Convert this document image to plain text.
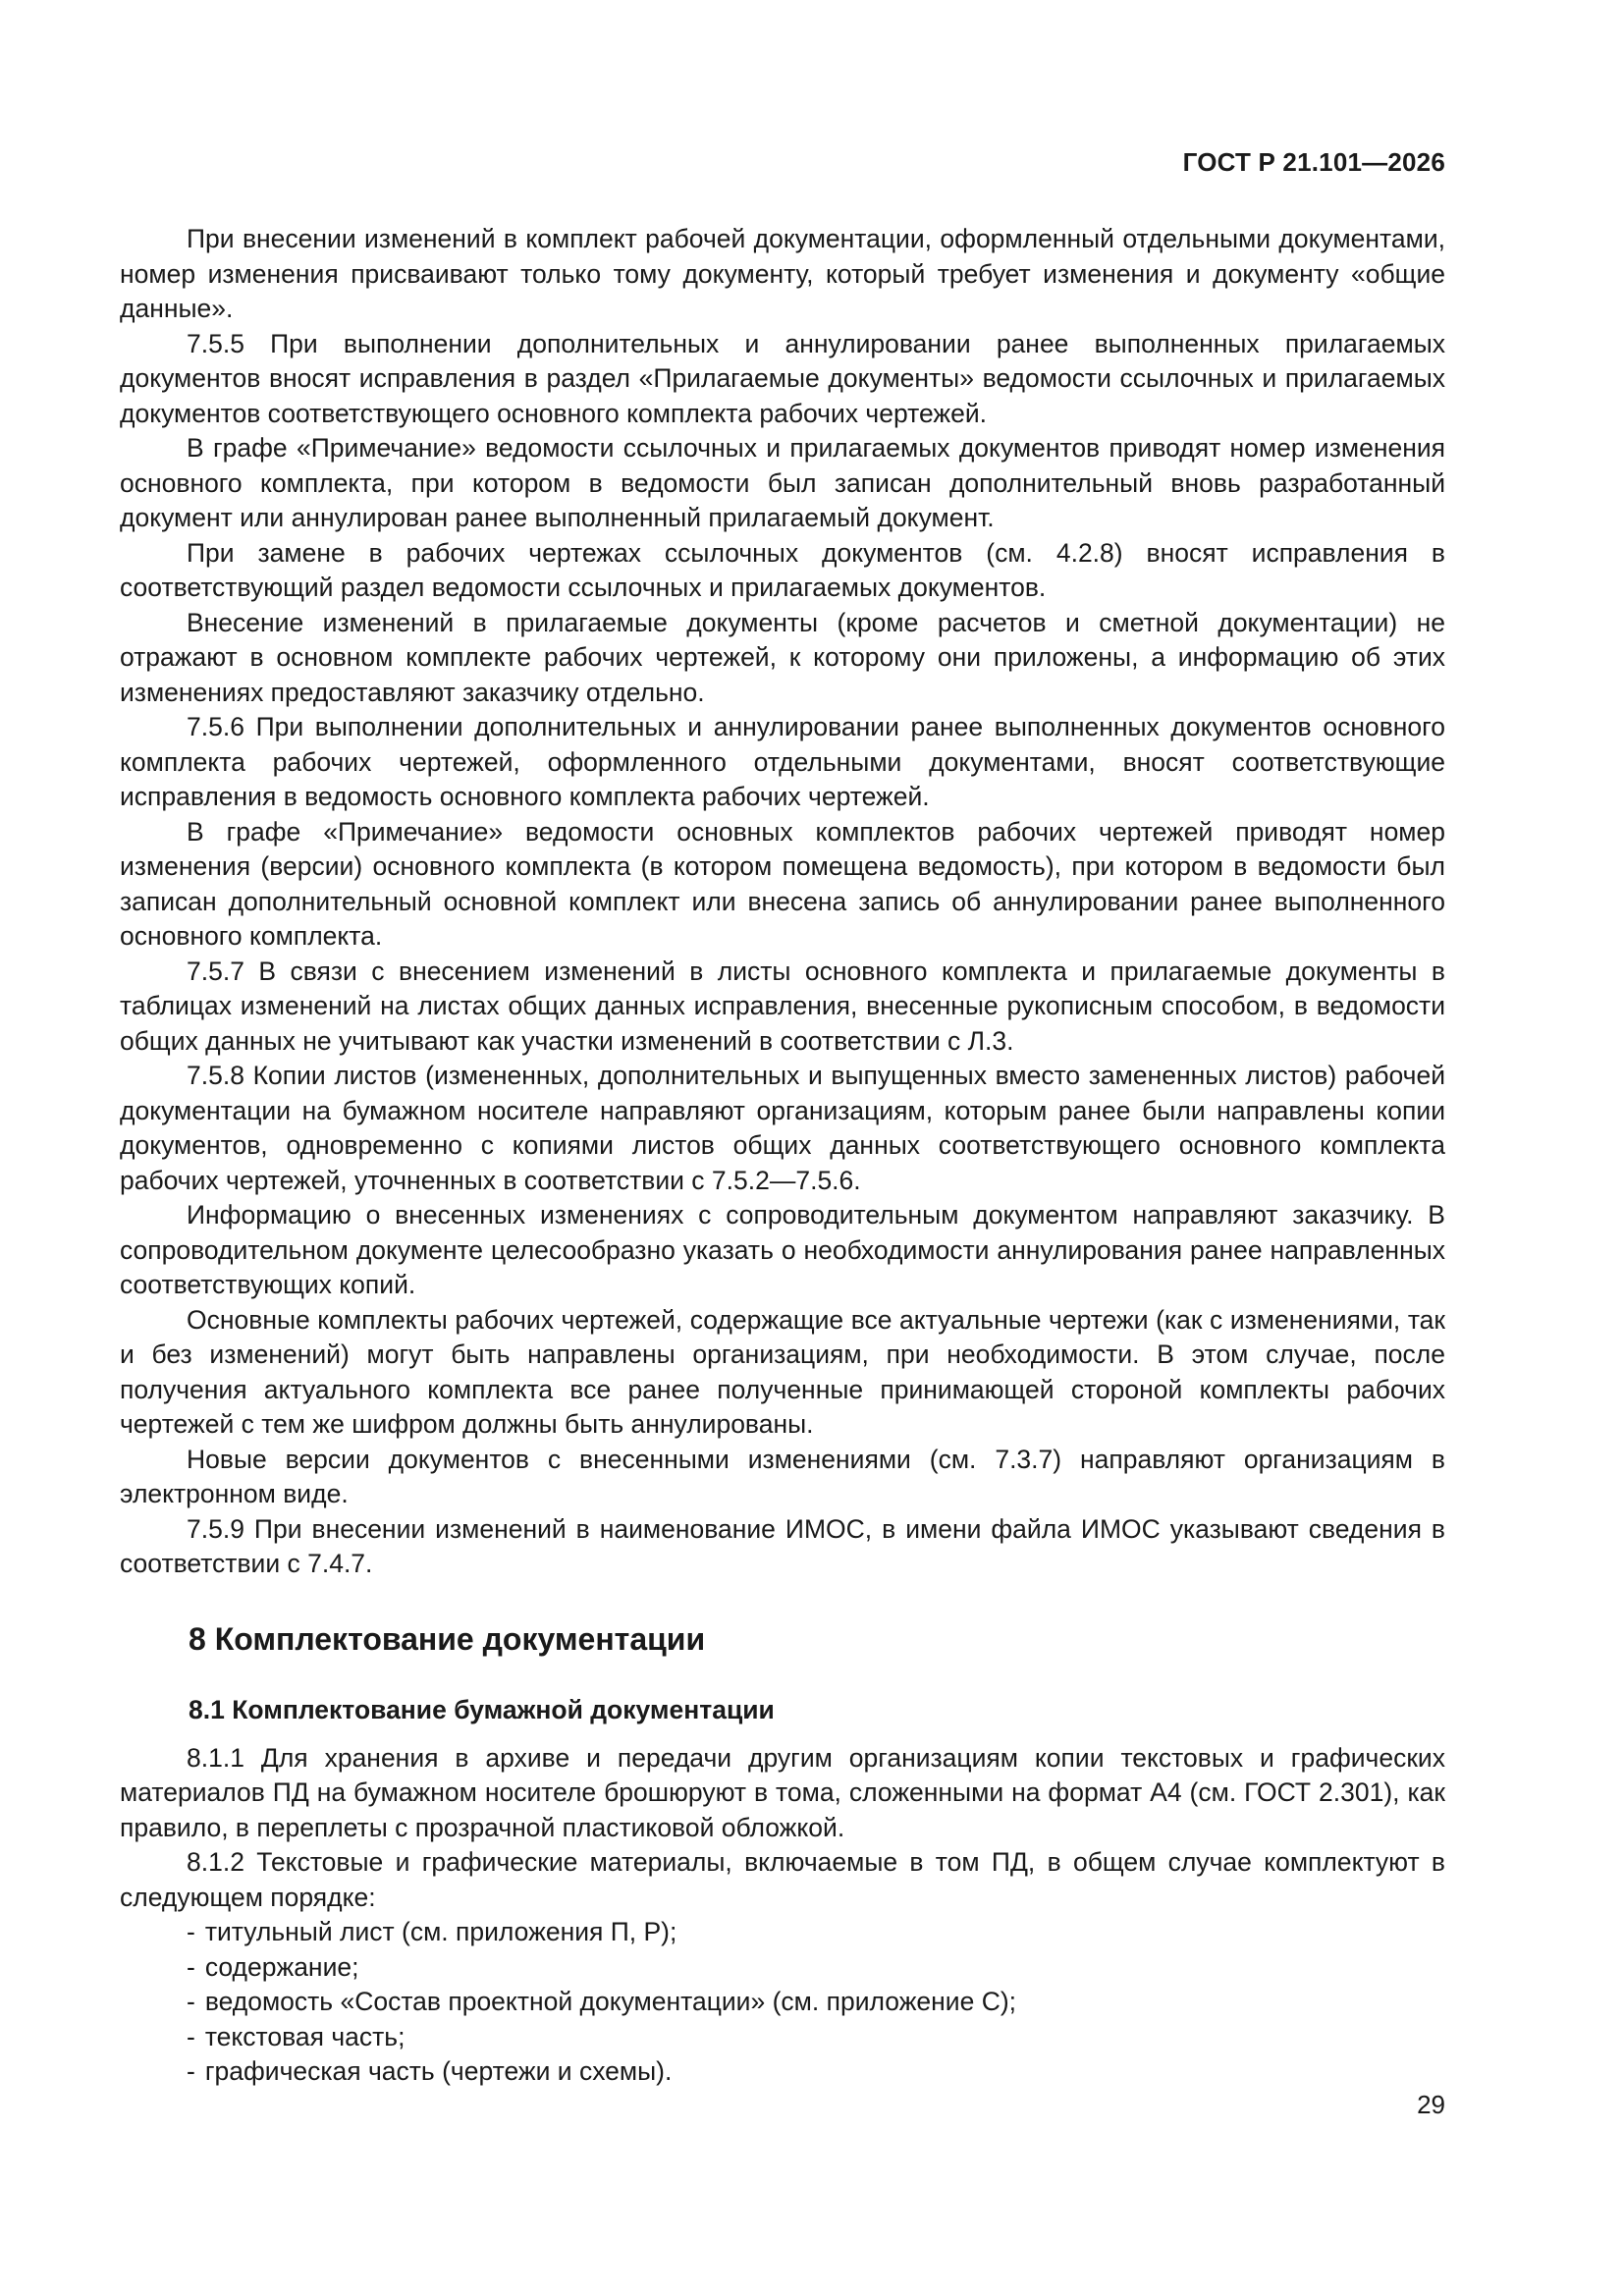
ГОСТ Р 21.101—2026

При внесении изменений в комплект рабочей документации, оформленный отдельными документами, номер изменения присваивают только тому документу, который требует изменения и документу «общие данные».

7.5.5 При выполнении дополнительных и аннулировании ранее выполненных прилагаемых документов вносят исправления в раздел «Прилагаемые документы» ведомости ссылочных и прилагаемых документов соответствующего основного комплекта рабочих чертежей.

В графе «Примечание» ведомости ссылочных и прилагаемых документов приводят номер изменения основного комплекта, при котором в ведомости был записан дополнительный вновь разработанный документ или аннулирован ранее выполненный прилагаемый документ.

При замене в рабочих чертежах ссылочных документов (см. 4.2.8) вносят исправления в соответствующий раздел ведомости ссылочных и прилагаемых документов.

Внесение изменений в прилагаемые документы (кроме расчетов и сметной документации) не отражают в основном комплекте рабочих чертежей, к которому они приложены, а информацию об этих изменениях предоставляют заказчику отдельно.

7.5.6 При выполнении дополнительных и аннулировании ранее выполненных документов основного комплекта рабочих чертежей, оформленного отдельными документами, вносят соответствующие исправления в ведомость основного комплекта рабочих чертежей.

В графе «Примечание» ведомости основных комплектов рабочих чертежей приводят номер изменения (версии) основного комплекта (в котором помещена ведомость), при котором в ведомости был записан дополнительный основной комплект или внесена запись об аннулировании ранее выполненного основного комплекта.

7.5.7 В связи с внесением изменений в листы основного комплекта и прилагаемые документы в таблицах изменений на листах общих данных исправления, внесенные рукописным способом, в ведомости общих данных не учитывают как участки изменений в соответствии с Л.3.

7.5.8 Копии листов (измененных, дополнительных и выпущенных вместо замененных листов) рабочей документации на бумажном носителе направляют организациям, которым ранее были направлены копии документов, одновременно с копиями листов общих данных соответствующего основного комплекта рабочих чертежей, уточненных в соответствии с 7.5.2—7.5.6.

Информацию о внесенных изменениях с сопроводительным документом направляют заказчику. В сопроводительном документе целесообразно указать о необходимости аннулирования ранее направленных соответствующих копий.

Основные комплекты рабочих чертежей, содержащие все актуальные чертежи (как с изменениями, так и без изменений) могут быть направлены организациям, при необходимости. В этом случае, после получения актуального комплекта все ранее полученные принимающей стороной комплекты рабочих чертежей с тем же шифром должны быть аннулированы.

Новые версии документов с внесенными изменениями (см. 7.3.7) направляют организациям в электронном виде.

7.5.9 При внесении изменений в наименование ИМОС, в имени файла ИМОС указывают сведения в соответствии с 7.4.7.

8 Комплектование документации
8.1 Комплектование бумажной документации

8.1.1 Для хранения в архиве и передачи другим организациям копии текстовых и графических материалов ПД на бумажном носителе брошюруют в тома, сложенными на формат А4 (см. ГОСТ 2.301), как правило, в переплеты с прозрачной пластиковой обложкой.

8.1.2 Текстовые и графические материалы, включаемые в том ПД, в общем случае комплектуют в следующем порядке:

- титульный лист (см. приложения П, Р);
- содержание;
- ведомость «Состав проектной документации» (см. приложение С);
- текстовая часть;
- графическая часть (чертежи и схемы).
29
